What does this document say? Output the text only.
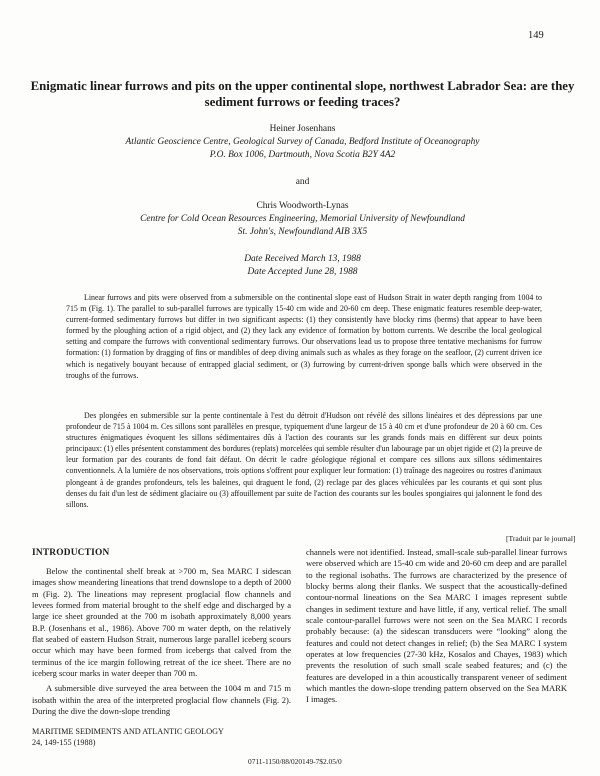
149
Enigmatic linear furrows and pits on the upper continental slope, northwest Labrador Sea: are they sediment furrows or feeding traces?
Heiner Josenhans
Atlantic Geoscience Centre, Geological Survey of Canada, Bedford Institute of Oceanography
P.O. Box 1006, Dartmouth, Nova Scotia B2Y 4A2
and
Chris Woodworth-Lynas
Centre for Cold Ocean Resources Engineering, Memorial University of Newfoundland
St. John's, Newfoundland AIB 3X5
Date Received March 13, 1988
Date Accepted June 28, 1988

Linear furrows and pits were observed from a submersible on the continental slope east of Hudson Strait in water depth ranging from 1004 to 715 m (Fig. 1). The parallel to sub-parallel furrows are typically 15-40 cm wide and 20-60 cm deep. These enigmatic features resemble deep-water, current-formed sedimentary furrows but differ in two significant aspects: (1) they consistently have blocky rims (berms) that appear to have been formed by the ploughing action of a rigid object, and (2) they lack any evidence of formation by bottom currents. We describe the local geological setting and compare the furrows with conventional sedimentary furrows. Our observations lead us to propose three tentative mechanisms for furrow formation: (1) formation by dragging of fins or mandibles of deep diving animals such as whales as they forage on the seafloor, (2) current driven ice which is negatively bouyant because of entrapped glacial sediment, or (3) furrowing by current-driven sponge balls which were observed in the troughs of the furrows.

Des plongées en submersible sur la pente continentale à l'est du détroit d'Hudson ont révélé des sillons linéaires et des dépressions par une profondeur de 715 à 1004 m. Ces sillons sont parallèles en presque, typiquement d'une largeur de 15 à 40 cm et d'une profondeur de 20 à 60 cm. Ces structures énigmatiques évoquent les sillons sédimentaires dûs à l'action des courants sur les grands fonds mais en diffèrent sur deux points principaux: (1) elles présentent constamment des bordures (replats) morcelées qui semble résulter d'un labourage par un objet rigide et (2) la preuve de leur formation par des courants de fond fait défaut. On décrit le cadre géologique régional et compare ces sillons aux sillons sédimentaires conventionnels. A la lumière de nos observations, trois options s'offrent pour expliquer leur formation: (1) traînage des nageoires ou rostres d'animaux plongeant à de grandes profondeurs, tels les baleines, qui draguent le fond, (2) reclage par des glaces véhiculées par les courants et qui sont plus denses du fait d'un lest de sédiment glaciaire ou (3) affouillement par suite de l'action des courants sur les boules spongiaires qui jalonnent le fond des sillons.

[Traduit par le journal]
INTRODUCTION

Below the continental shelf break at >700 m, Sea MARC I sidescan images show meandering lineations that trend downslope to a depth of 2000 m (Fig. 2). The lineations may represent proglacial flow channels and levees formed from material brought to the shelf edge and discharged by a large ice sheet grounded at the 700 m isobath approximately 8,000 years B.P. (Josenhans et al., 1986). Above 700 m water depth, on the relatively flat seabed of eastern Hudson Strait, numerous large parallel iceberg scours occur which may have been formed from icebergs that calved from the terminus of the ice margin following retreat of the ice sheet. There are no iceberg scour marks in water deeper than 700 m.

A submersible dive surveyed the area between the 1004 m and 715 m isobath within the area of the interpreted proglacial flow channels (Fig. 2). During the dive the down-slope trending

channels were not identified. Instead, small-scale sub-parallel linear furrows were observed which are 15-40 cm wide and 20-60 cm deep and are parallel to the regional isobaths. The furrows are characterized by the presence of blocky berms along their flanks. We suspect that the acoustically-defined contour-normal lineations on the Sea MARC I images represent subtle changes in sediment texture and have little, if any, vertical relief. The small scale contour-parallel furrows were not seen on the Sea MARC I records probably because: (a) the sidescan transducers were “looking” along the features and could not detect changes in relief; (b) the Sea MARC I system operates at low frequencies (27-30 kHz, Kosalos and Chayes, 1983) which prevents the resolution of such small scale seabed features; and (c) the features are developed in a thin acoustically transparent veneer of sediment which mantles the down-slope trending pattern observed on the Sea MARK I images.

MARITIME SEDIMENTS AND ATLANTIC GEOLOGY
24, 149-155 (1988)
0711-1150/88/020149-7$2.05/0
